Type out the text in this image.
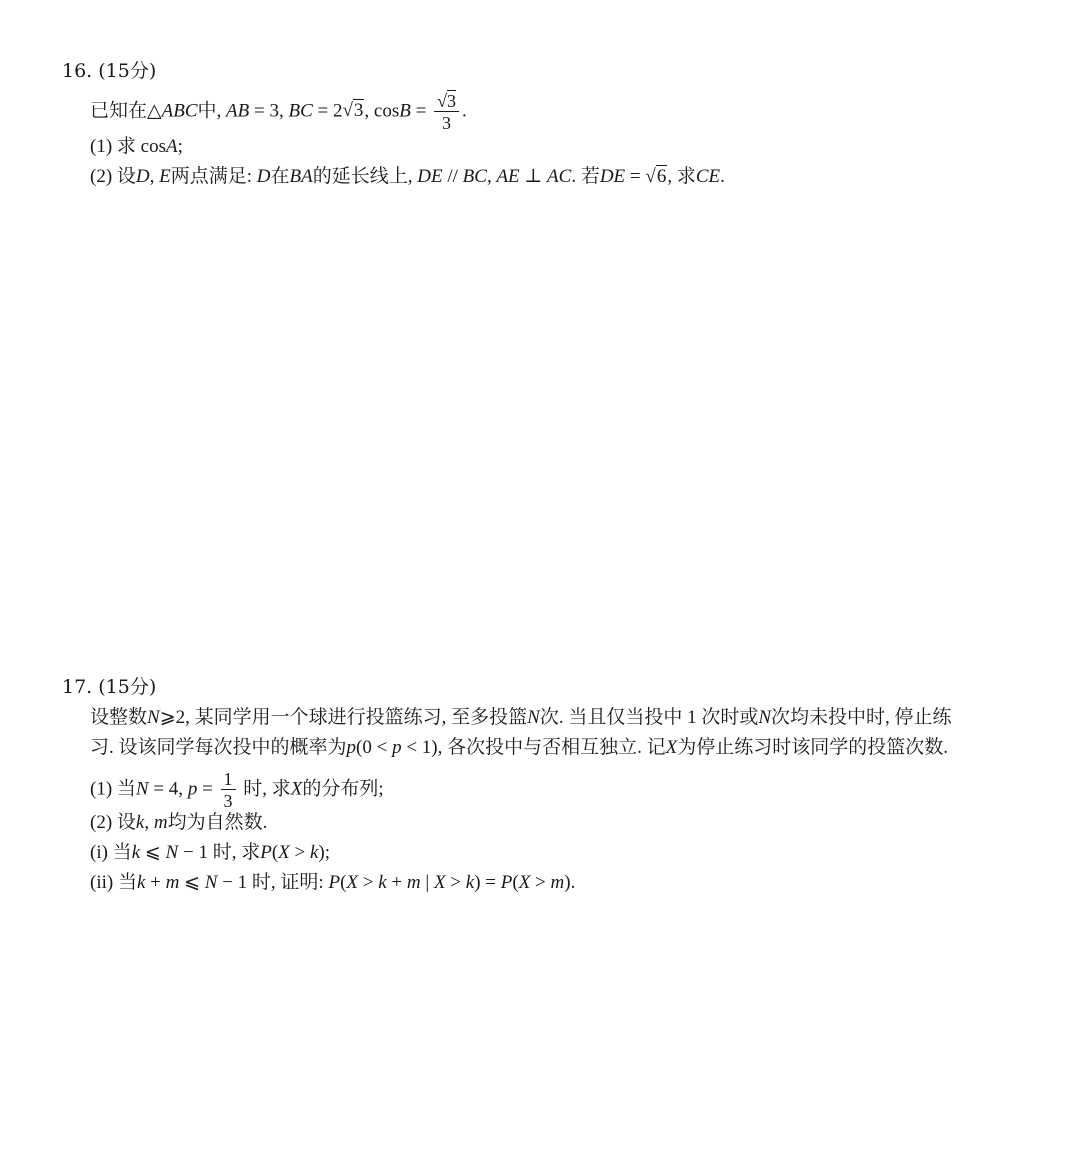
16. (15分)
已知在△ABC中, AB = 3, BC = 2√3, $\cos B = \frac{√3}{3}$ .
(1) 求 cosA;
(2) 设D, E两点满足: D在BA的延长线上, DE // BC, AE ⊥ AC. 若DE = √6, 求CE.
17. (15分)
设整数N⩾2, 某同学用一个球进行投篮练习, 至多投篮N次. 当且仅当投中 1 次时或N次均未投中时, 停止练
习. 设该同学每次投中的概率为p(0 < p < 1), 各次投中与否相互独立. 记X为停止练习时该同学的投篮次数.
(1) 当N = 4, $p = \frac{1}{3}$ 时, 求X的分布列;
(2) 设k, m均为自然数.
(i) 当k ⩽ N − 1 时, 求P(X > k);
(ii) 当k + m ⩽ N − 1 时, 证明: P(X > k + m | X > k) = P(X > m).
